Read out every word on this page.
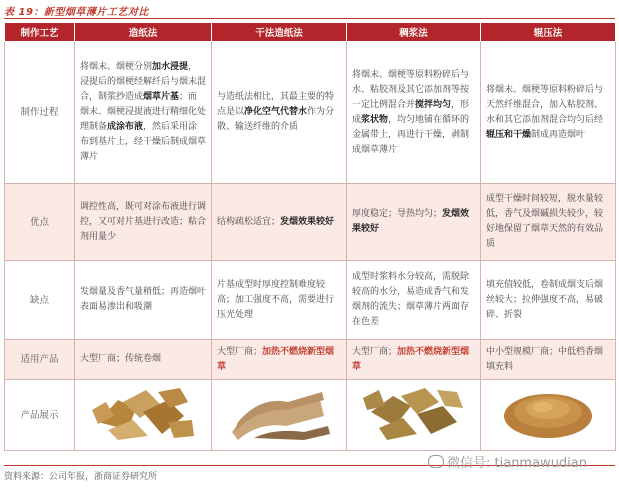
表 19：新型烟草薄片工艺对比
制作工艺	造纸法	干法造纸法	稠浆法	辊压法
制作过程	将烟末、烟梗分别加水浸提，浸提后的烟梗经解纤后与烟末混合，制浆抄造成烟草片基；而烟末、烟梗浸提液进行精细化处理制备成涂布液，然后采用涂布到基片上，经干燥后制成烟草薄片	与造纸法相比，其最主要的特点是以净化空气代替水作为分散、输送纤维的介质	将烟末、烟梗等原料粉碎后与水、粘胶剂及其它添加剂等按一定比例混合并搅拌均匀，形成浆状物，均匀地铺在循环的金属带上，再进行干燥，剥制成烟草薄片	将烟末、烟梗等原料粉碎后与天然纤维混合，加入粘胶剂、水和其它添加剂混合均匀后经辊压和干燥制成再造烟叶
优点	调控性高，既可对涂布液进行调控，又可对片基进行改造；粘合剂用量少	结构疏松适宜；发烟效果较好	厚度稳定；导热均匀；发烟效果较好	成型干燥时间较短，脱水量较低，香气及烟碱损失较少，较好地保留了烟草天然的有效品质
缺点	发烟量及香气量稍低；再造烟叶表面易渗出和吸潮	片基成型时厚度控制难度较高；加工强度不高，需要进行压光处理	成型时浆料水分较高，需脱除较高的水分，易造成香气和发烟剂的流失；烟草薄片两面存在色差	填充值较低，卷制成烟支后烟丝较大；拉伸强度不高，易破碎、折裂
适用产品	大型厂商；传统卷烟	大型厂商；加热不燃烧新型烟草	大型厂商；加热不燃烧新型烟草	中小型规模厂商；中低档香烟填充料
产品展示				
资料来源：公司年报，浙商证券研究所
微信号: tianmawudian
